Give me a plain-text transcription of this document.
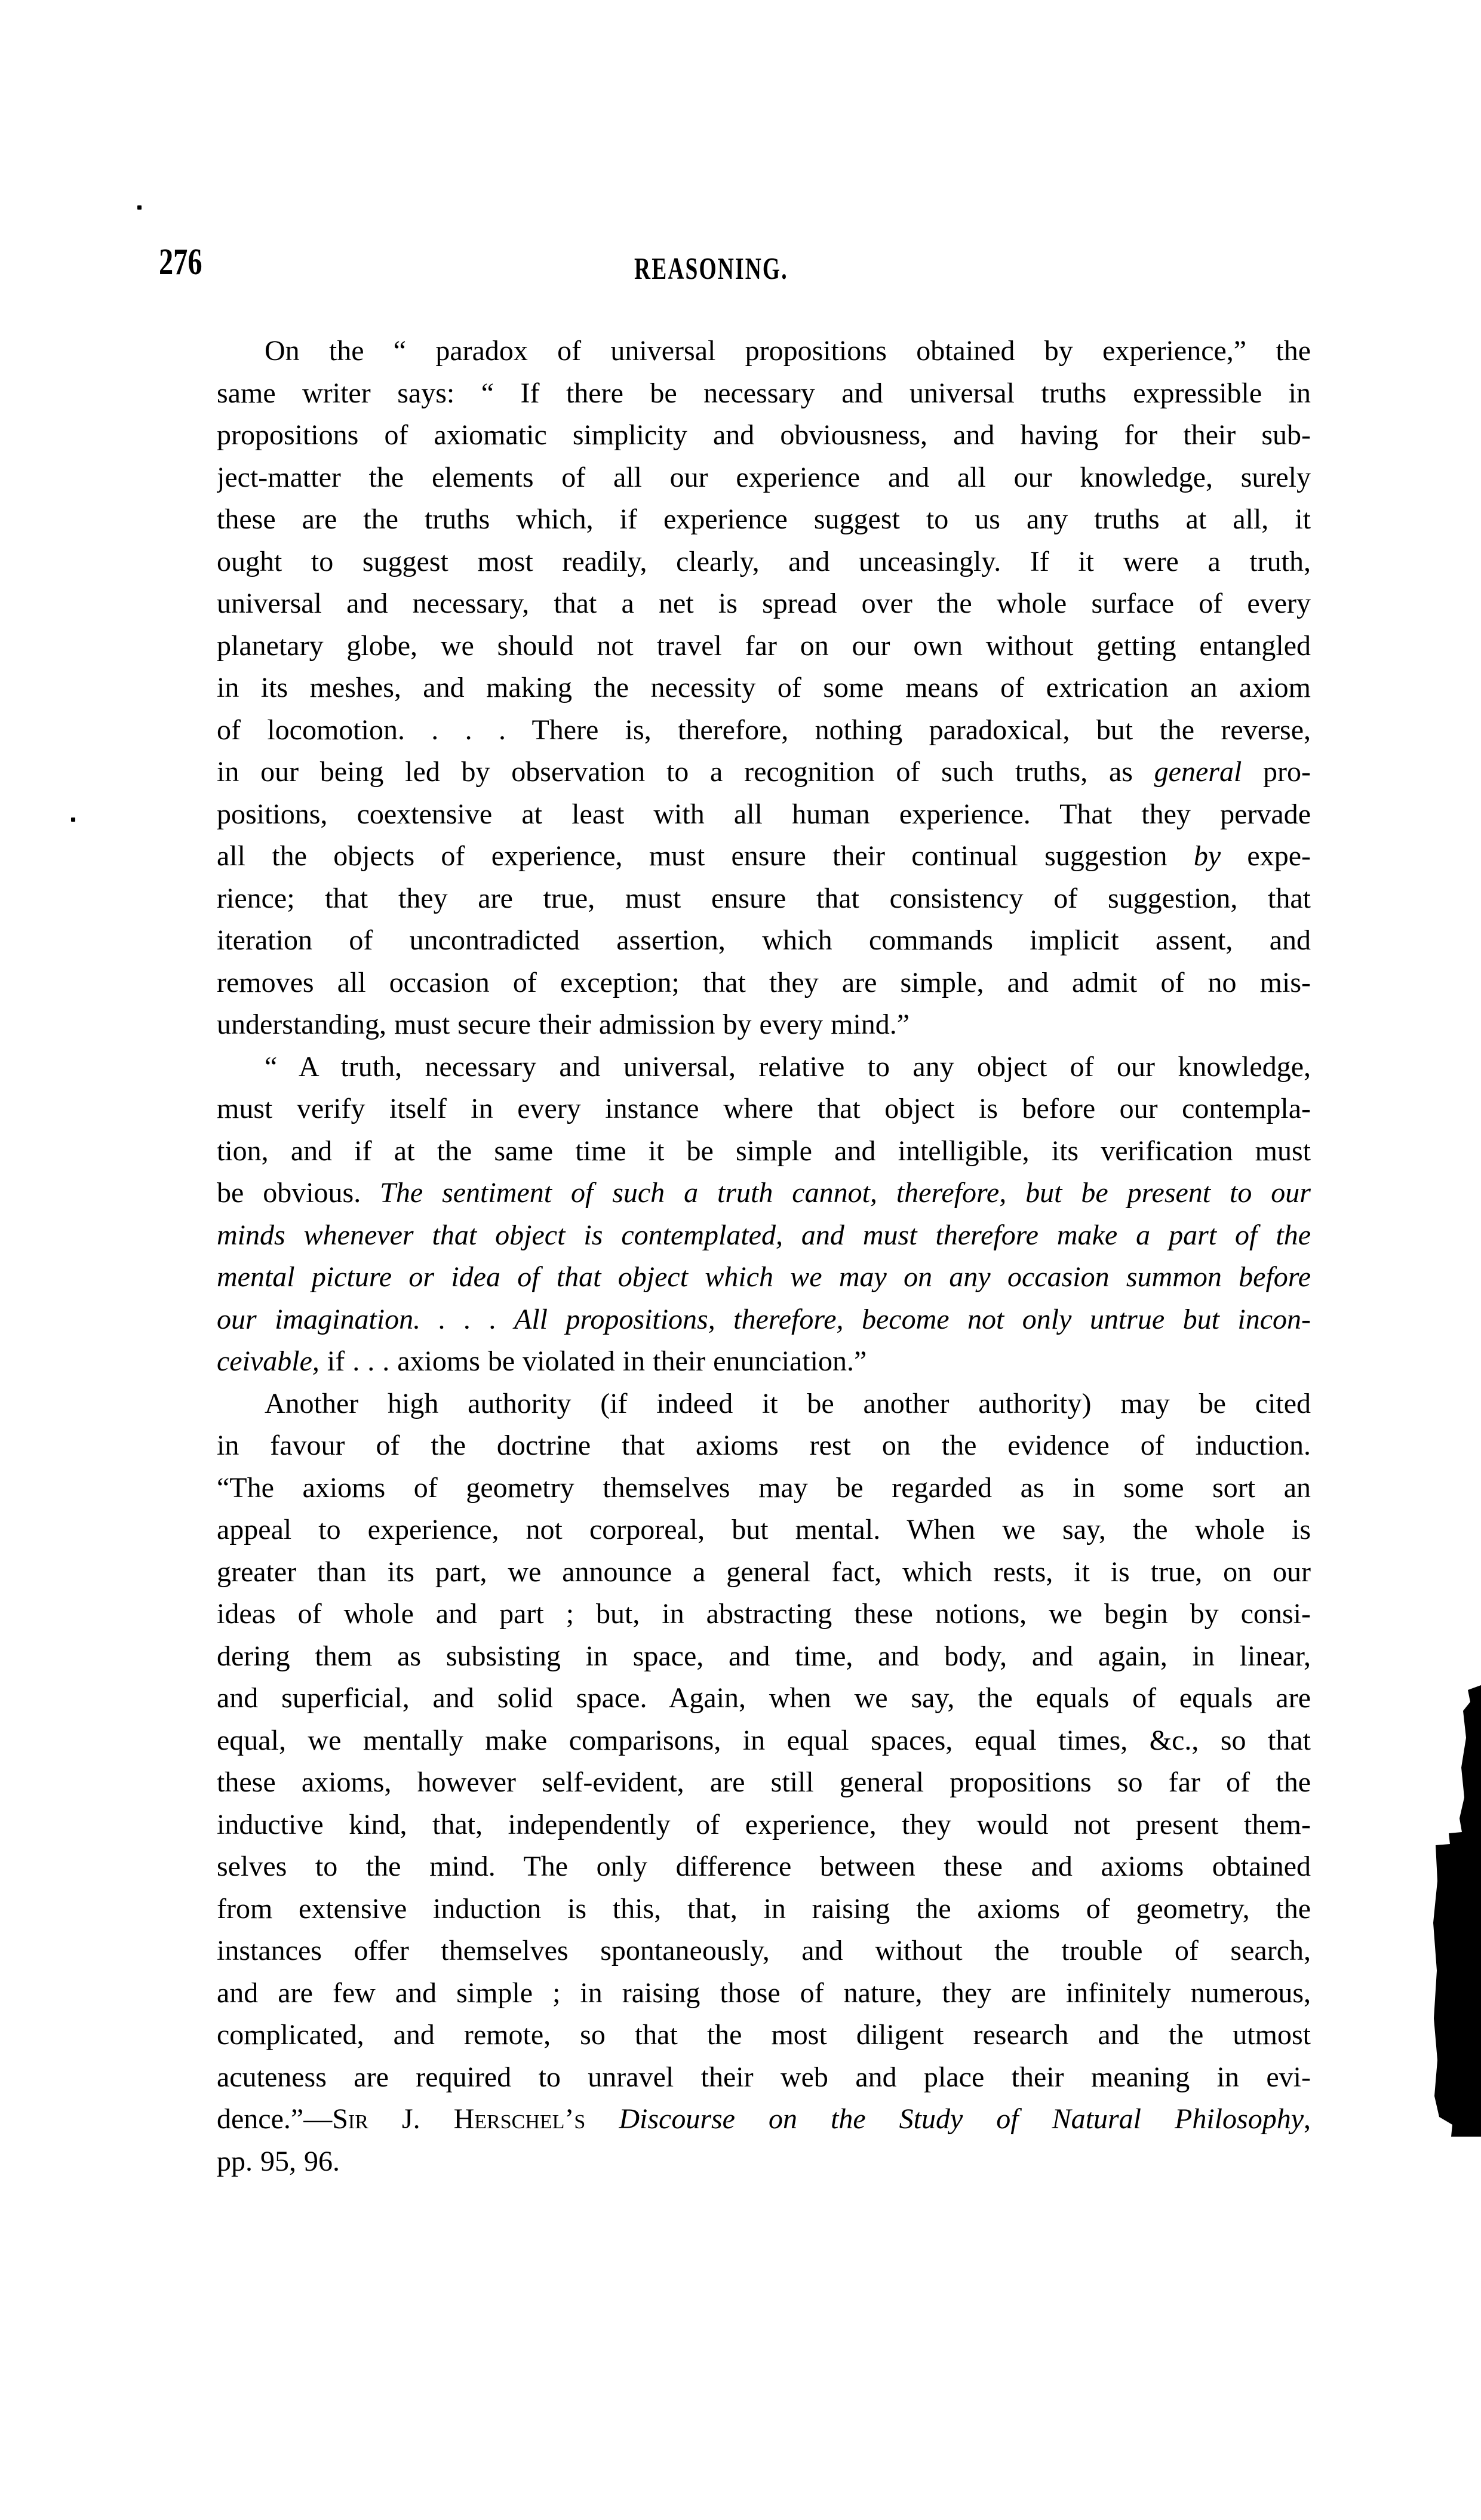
276	REASONING.
On the “ paradox of universal propositions obtained by experience,” the
same writer says: “ If there be necessary and universal truths expressible in
propositions of axiomatic simplicity and obviousness, and having for their sub-
ject-matter the elements of all our experience and all our knowledge, surely
these are the truths which, if experience suggest to us any truths at all, it
ought to suggest most readily, clearly, and unceasingly. If it were a truth,
universal and necessary, that a net is spread over the whole surface of every
planetary globe, we should not travel far on our own without getting entangled
in its meshes, and making the necessity of some means of extrication an axiom
of locomotion. . . . There is, therefore, nothing paradoxical, but the reverse,
in our being led by observation to a recognition of such truths, as general pro-
positions, coextensive at least with all human experience. That they pervade
all the objects of experience, must ensure their continual suggestion by expe-
rience; that they are true, must ensure that consistency of suggestion, that
iteration of uncontradicted assertion, which commands implicit assent, and
removes all occasion of exception; that they are simple, and admit of no mis-
understanding, must secure their admission by every mind.”
“ A truth, necessary and universal, relative to any object of our knowledge,
must verify itself in every instance where that object is before our contempla-
tion, and if at the same time it be simple and intelligible, its verification must
be obvious. The sentiment of such a truth cannot, therefore, but be present to our
minds whenever that object is contemplated, and must therefore make a part of the
mental picture or idea of that object which we may on any occasion summon before
our imagination. . . . All propositions, therefore, become not only untrue but incon-
ceivable, if . . . axioms be violated in their enunciation.”
Another high authority (if indeed it be another authority) may be cited
in favour of the doctrine that axioms rest on the evidence of induction.
“The axioms of geometry themselves may be regarded as in some sort an
appeal to experience, not corporeal, but mental. When we say, the whole is
greater than its part, we announce a general fact, which rests, it is true, on our
ideas of whole and part ; but, in abstracting these notions, we begin by consi-
dering them as subsisting in space, and time, and body, and again, in linear,
and superficial, and solid space. Again, when we say, the equals of equals are
equal, we mentally make comparisons, in equal spaces, equal times, &c., so that
these axioms, however self-evident, are still general propositions so far of the
inductive kind, that, independently of experience, they would not present them-
selves to the mind. The only difference between these and axioms obtained
from extensive induction is this, that, in raising the axioms of geometry, the
instances offer themselves spontaneously, and without the trouble of search,
and are few and simple ; in raising those of nature, they are infinitely numerous,
complicated, and remote, so that the most diligent research and the utmost
acuteness are required to unravel their web and place their meaning in evi-
dence.”—Sir J. Herschel’s Discourse on the Study of Natural Philosophy,
pp. 95, 96.
